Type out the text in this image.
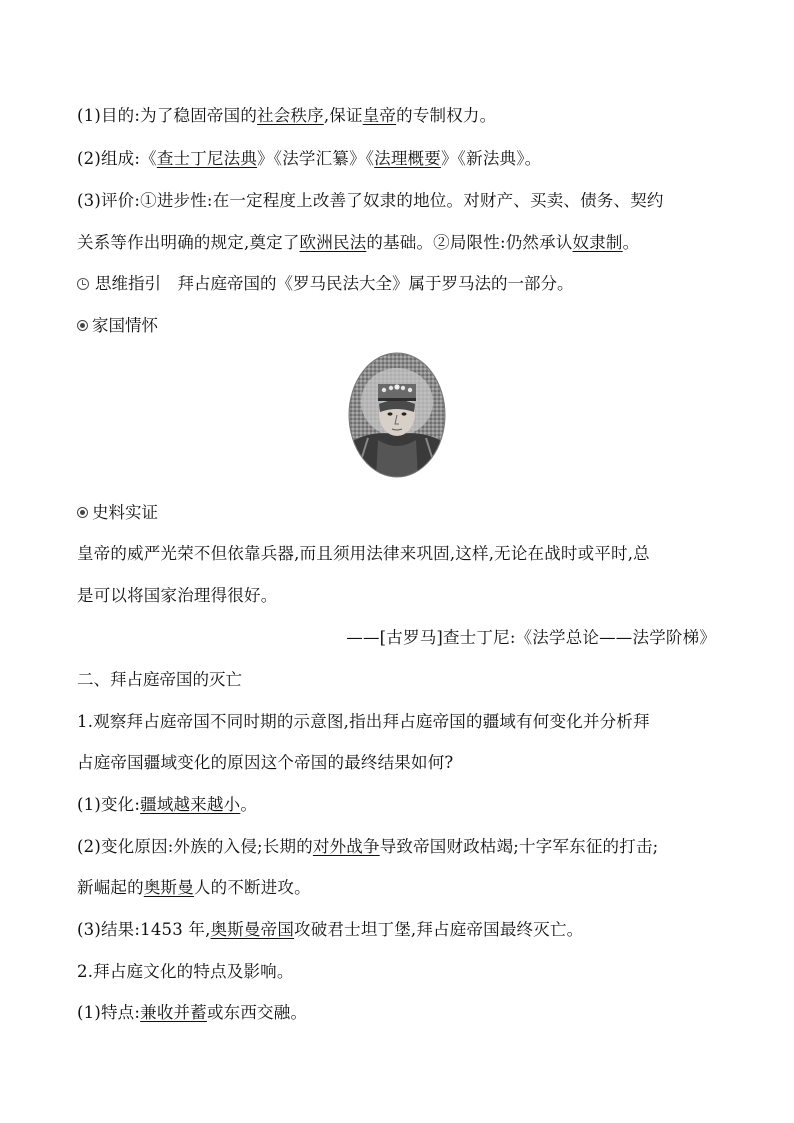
(1)目的:为了稳固帝国的社会秩序,保证皇帝的专制权力。
(2)组成:《查士丁尼法典》《法学汇纂》《法理概要》《新法典》。
(3)评价:①进步性:在一定程度上改善了奴隶的地位。对财产、买卖、债务、契约
关系等作出明确的规定,奠定了欧洲民法的基础。②局限性:仍然承认奴隶制。
思维指引　拜占庭帝国的《罗马民法大全》属于罗马法的一部分。
家国情怀
史料实证
皇帝的威严光荣不但依靠兵器,而且须用法律来巩固,这样,无论在战时或平时,总
是可以将国家治理得很好。
——[古罗马]查士丁尼:《法学总论——法学阶梯》
二、拜占庭帝国的灭亡
1.观察拜占庭帝国不同时期的示意图,指出拜占庭帝国的疆域有何变化并分析拜
占庭帝国疆域变化的原因这个帝国的最终结果如何?
(1)变化:疆域越来越小。
(2)变化原因:外族的入侵;长期的对外战争导致帝国财政枯竭;十字军东征的打击;
新崛起的奥斯曼人的不断进攻。
(3)结果:1453 年,奥斯曼帝国攻破君士坦丁堡,拜占庭帝国最终灭亡。
2.拜占庭文化的特点及影响。
(1)特点:兼收并蓄或东西交融。
